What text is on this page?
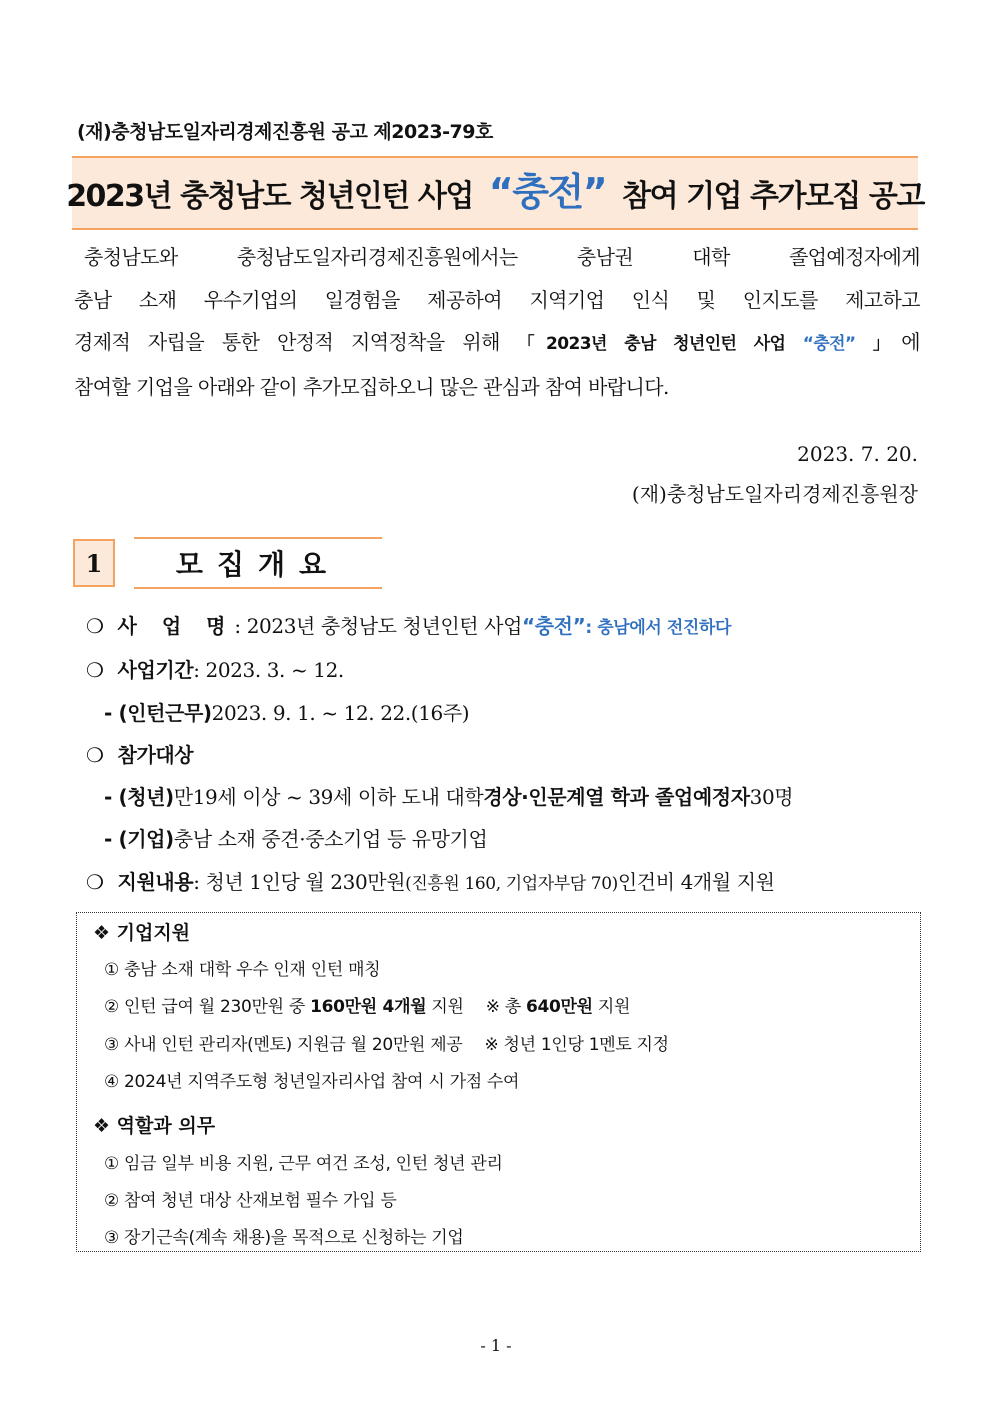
(재)충청남도일자리경제진흥원 공고 제2023-79호
2023년 충청남도 청년인턴 사업 “충전” 참여 기업 추가모집 공고

충청남도와 충청남도일자리경제진흥원에서는 충남권 대학 졸업예정자에게

충남 소재 우수기업의 일경험을 제공하여 지역기업 인식 및 인지도를 제고하고

경제적 자립을 통한 안정적 지역정착을 위해 「2023년 충남 청년인턴 사업 “충전” 」에

참여할 기업을 아래와 같이 추가모집하오니 많은 관심과 참여 바랍니다.

2023. 7. 20.
(재)충청남도일자리경제진흥원장
1	모집개요
❍ 사 업 명 : 2023년 충청남도 청년인턴 사업 “충전” : 충남에서 전진하다
❍ 사업기간 : 2023. 3. ~ 12.
- (인턴근무) 2023. 9. 1. ~ 12. 22.(16주)
❍ 참가대상
- (청년) 만19세 이상 ~ 39세 이하 도내 대학 경상·인문계열 학과 졸업예정자 30명
- (기업) 충남 소재 중견·중소기업 등 유망기업
❍ 지원내용 : 청년 1인당 월 230만원 (진흥원 160, 기업자부담 70) 인건비 4개월 지원
❖ 기업지원
① 충남 소재 대학 우수 인재 인턴 매칭
② 인턴 급여 월 230만원 중 160만원 4개월 지원 ※ 총 640만원 지원
③ 사내 인턴 관리자(멘토) 지원금 월 20만원 제공 ※ 청년 1인당 1멘토 지정
④ 2024년 지역주도형 청년일자리사업 참여 시 가점 수여
❖ 역할과 의무
① 임금 일부 비용 지원, 근무 여건 조성, 인턴 청년 관리
② 참여 청년 대상 산재보험 필수 가입 등
③ 장기근속(계속 채용)을 목적으로 신청하는 기업
- 1 -
